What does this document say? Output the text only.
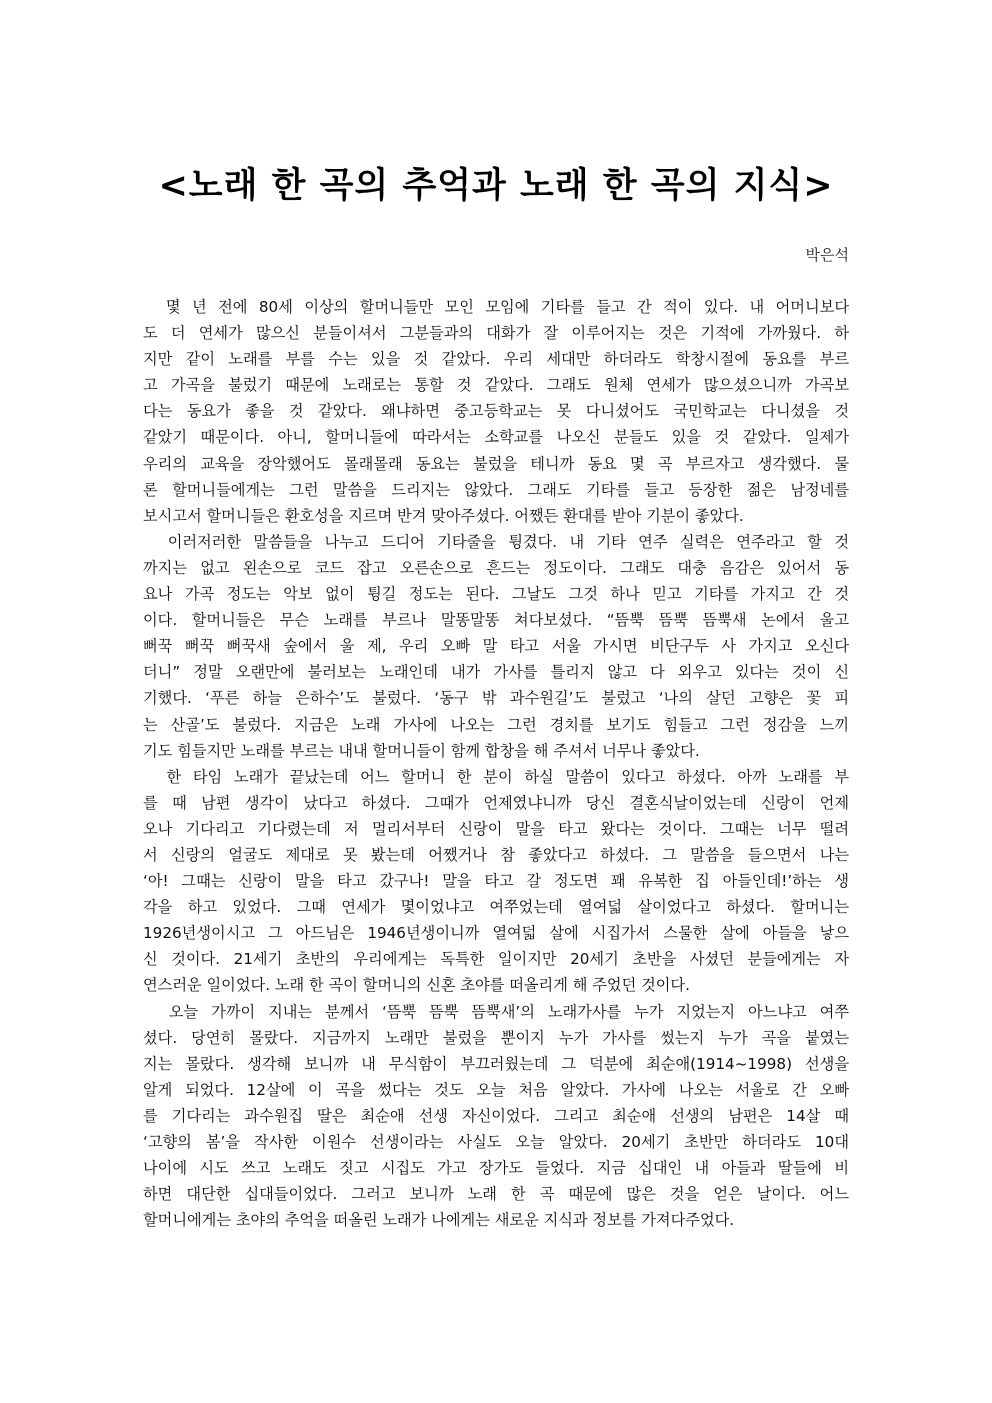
<노래 한 곡의 추억과 노래 한 곡의 지식>
박은석
몇 년 전에 80세 이상의 할머니들만 모인 모임에 기타를 들고 간 적이 있다. 내 어머니보다
도 더 연세가 많으신 분들이셔서 그분들과의 대화가 잘 이루어지는 것은 기적에 가까웠다. 하
지만 같이 노래를 부를 수는 있을 것 같았다. 우리 세대만 하더라도 학창시절에 동요를 부르
고 가곡을 불렀기 때문에 노래로는 통할 것 같았다. 그래도 원체 연세가 많으셨으니까 가곡보
다는 동요가 좋을 것 같았다. 왜냐하면 중고등학교는 못 다니셨어도 국민학교는 다니셨을 것
같았기 때문이다. 아니, 할머니들에 따라서는 소학교를 나오신 분들도 있을 것 같았다. 일제가
우리의 교육을 장악했어도 몰래몰래 동요는 불렀을 테니까 동요 몇 곡 부르자고 생각했다. 물
론 할머니들에게는 그런 말씀을 드리지는 않았다. 그래도 기타를 들고 등장한 젊은 남정네를
보시고서 할머니들은 환호성을 지르며 반겨 맞아주셨다. 어쨌든 환대를 받아 기분이 좋았다.
이러저러한 말씀들을 나누고 드디어 기타줄을 튕겼다. 내 기타 연주 실력은 연주라고 할 것
까지는 없고 왼손으로 코드 잡고 오른손으로 흔드는 정도이다. 그래도 대충 음감은 있어서 동
요나 가곡 정도는 악보 없이 튕길 정도는 된다. 그날도 그것 하나 믿고 기타를 가지고 간 것
이다. 할머니들은 무슨 노래를 부르나 말똥말똥 쳐다보셨다. “뜸뿍 뜸뿍 뜸뿍새 논에서 울고
뻐꾹 뻐꾹 뻐꾹새 숲에서 울 제, 우리 오빠 말 타고 서울 가시면 비단구두 사 가지고 오신다
더니” 정말 오랜만에 불러보는 노래인데 내가 가사를 틀리지 않고 다 외우고 있다는 것이 신
기했다. ‘푸른 하늘 은하수’도 불렀다. ‘동구 밖 과수원길’도 불렀고 ‘나의 살던 고향은 꽃 피
는 산골’도 불렀다. 지금은 노래 가사에 나오는 그런 경치를 보기도 힘들고 그런 정감을 느끼
기도 힘들지만 노래를 부르는 내내 할머니들이 함께 합창을 해 주셔서 너무나 좋았다.
한 타임 노래가 끝났는데 어느 할머니 한 분이 하실 말씀이 있다고 하셨다. 아까 노래를 부
를 때 남편 생각이 났다고 하셨다. 그때가 언제였냐니까 당신 결혼식날이었는데 신랑이 언제
오나 기다리고 기다렸는데 저 멀리서부터 신랑이 말을 타고 왔다는 것이다. 그때는 너무 떨려
서 신랑의 얼굴도 제대로 못 봤는데 어쨌거나 참 좋았다고 하셨다. 그 말씀을 들으면서 나는
‘아! 그때는 신랑이 말을 타고 갔구나! 말을 타고 갈 정도면 꽤 유복한 집 아들인데!’하는 생
각을 하고 있었다. 그때 연세가 몇이었냐고 여쭈었는데 열여덟 살이었다고 하셨다. 할머니는
1926년생이시고 그 아드님은 1946년생이니까 열여덟 살에 시집가서 스물한 살에 아들을 낳으
신 것이다. 21세기 초반의 우리에게는 독특한 일이지만 20세기 초반을 사셨던 분들에게는 자
연스러운 일이었다. 노래 한 곡이 할머니의 신혼 초야를 떠올리게 해 주었던 것이다.
오늘 가까이 지내는 분께서 ‘뜸뿍 뜸뿍 뜸뿍새’의 노래가사를 누가 지었는지 아느냐고 여쭈
셨다. 당연히 몰랐다. 지금까지 노래만 불렀을 뿐이지 누가 가사를 썼는지 누가 곡을 붙였는
지는 몰랐다. 생각해 보니까 내 무식함이 부끄러웠는데 그 덕분에 최순애(1914~1998) 선생을
알게 되었다. 12살에 이 곡을 썼다는 것도 오늘 처음 알았다. 가사에 나오는 서울로 간 오빠
를 기다리는 과수원집 딸은 최순애 선생 자신이었다. 그리고 최순애 선생의 남편은 14살 때
‘고향의 봄’을 작사한 이원수 선생이라는 사실도 오늘 알았다. 20세기 초반만 하더라도 10대
나이에 시도 쓰고 노래도 짓고 시집도 가고 장가도 들었다. 지금 십대인 내 아들과 딸들에 비
하면 대단한 십대들이었다. 그러고 보니까 노래 한 곡 때문에 많은 것을 얻은 날이다. 어느
할머니에게는 초야의 추억을 떠올린 노래가 나에게는 새로운 지식과 정보를 가져다주었다.
